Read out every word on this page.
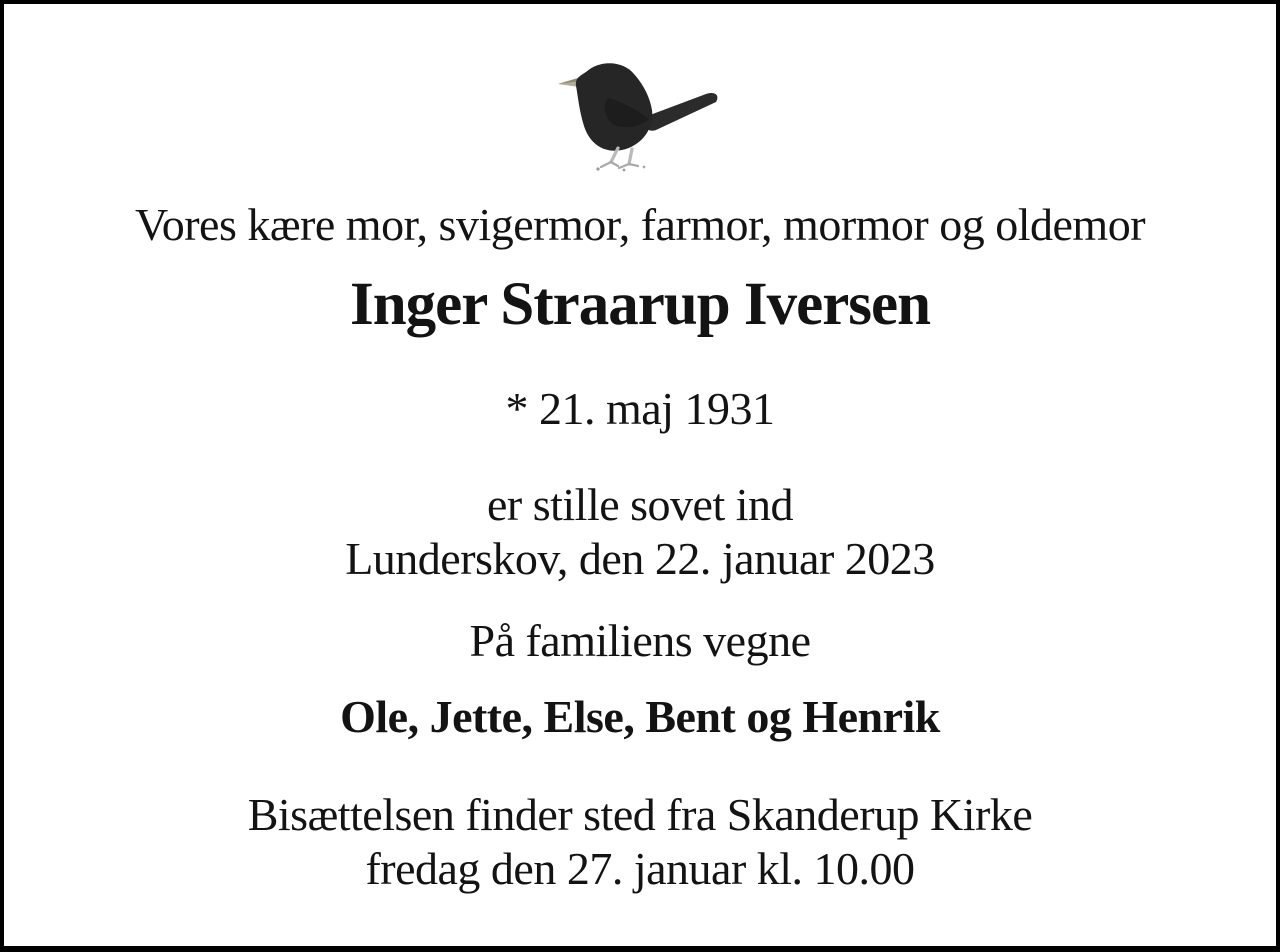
Vores kære mor, svigermor, farmor, mormor og oldemor
Inger Straarup Iversen
* 21. maj 1931
er stille sovet ind
Lunderskov, den 22. januar 2023
På familiens vegne
Ole, Jette, Else, Bent og Henrik
Bisættelsen finder sted fra Skanderup Kirke
fredag den 27. januar kl. 10.00
